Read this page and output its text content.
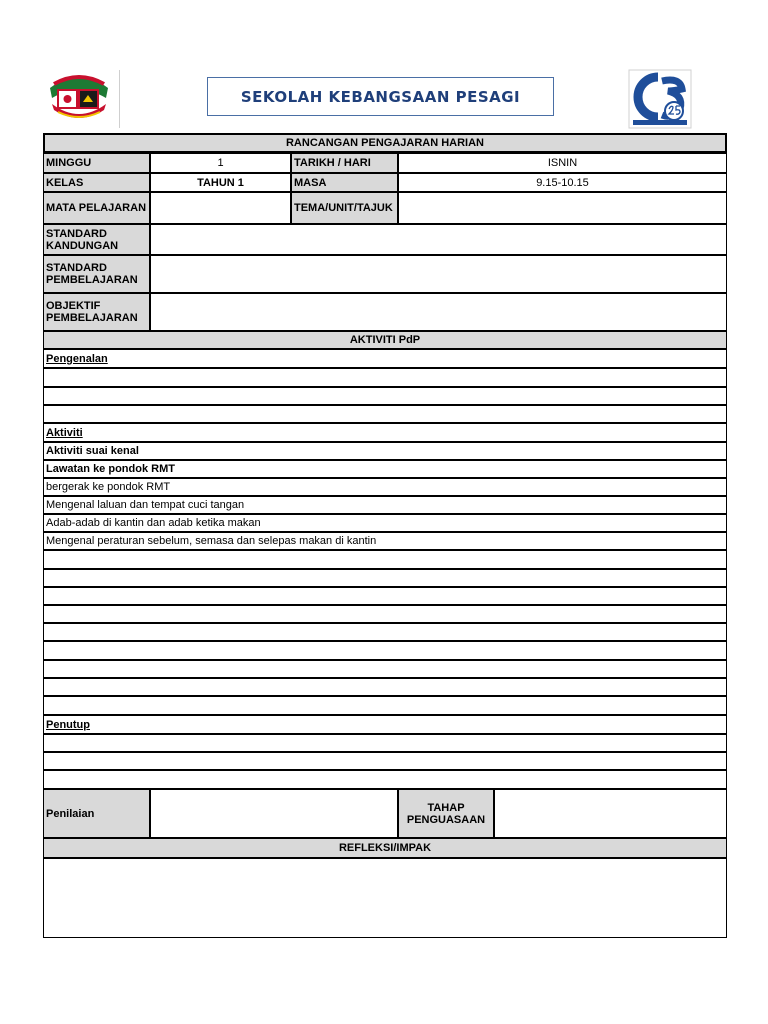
SEKOLAH KEBANGSAAN PESAGI
RANCANGAN PENGAJARAN HARIAN
MINGGU	1	TARIKH / HARI	ISNIN
KELAS	TAHUN 1	MASA	9.15-10.15
MATA PELAJARAN	TEMA/UNIT/TAJUK
STANDARD KANDUNGAN
STANDARD PEMBELAJARAN
OBJEKTIF PEMBELAJARAN
AKTIVITI PdP
Pengenalan
Aktiviti
Aktiviti suai kenal
Lawatan ke pondok RMT
bergerak ke pondok RMT
Mengenal laluan dan tempat cuci tangan
Adab-adab di kantin dan adab ketika makan
Mengenal peraturan sebelum, semasa dan selepas makan di kantin
Penutup
Penilaian	TAHAP PENGUASAAN
REFLEKSI/IMPAK
